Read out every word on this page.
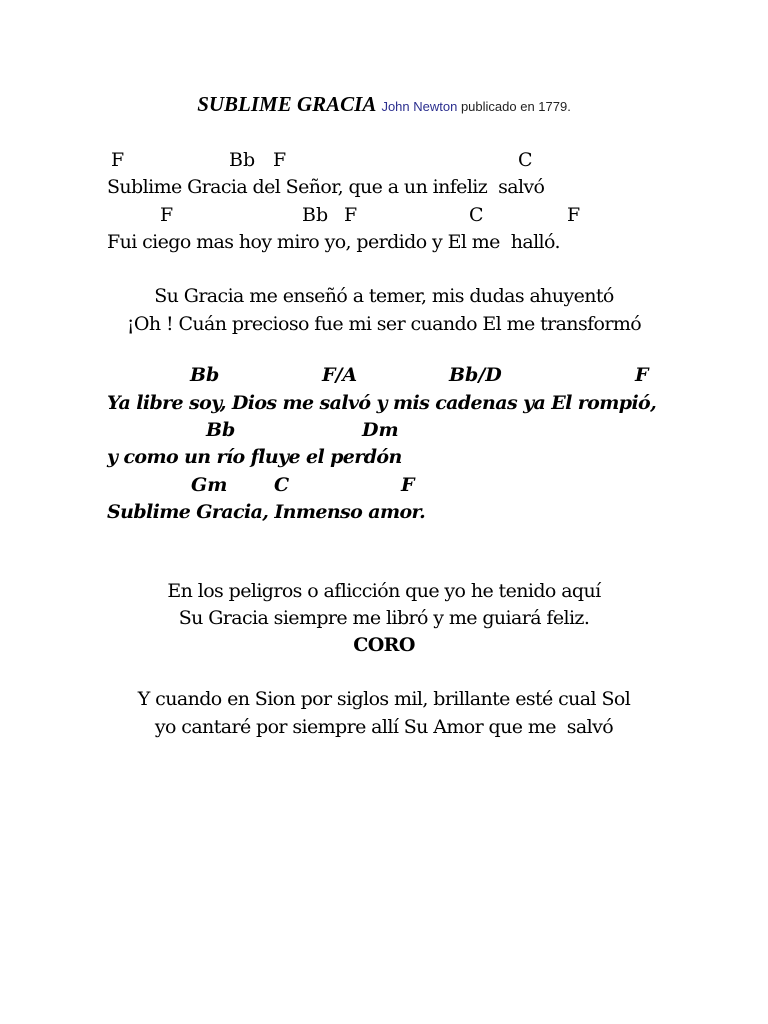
SUBLIME GRACIA John Newton publicado en 1779.
F	Bb F	C
Sublime Gracia del Señor, que a un infeliz  salvó
F	Bb F	C	F
Fui ciego mas hoy miro yo, perdido y El me  halló.
Su Gracia me enseñó a temer, mis dudas ahuyentó
¡Oh ! Cuán precioso fue mi ser cuando El me transformó
Bb	F/A	Bb/D	F
Ya libre soy, Dios me salvó y mis cadenas ya El rompió,
Bb	Dm
y como un río fluye el perdón
Gm C	F
Sublime Gracia, Inmenso amor.
En los peligros o aflicción que yo he tenido aquí
Su Gracia siempre me libró y me guiará feliz.
CORO
Y cuando en Sion por siglos mil, brillante esté cual Sol
yo cantaré por siempre allí Su Amor que me  salvó
